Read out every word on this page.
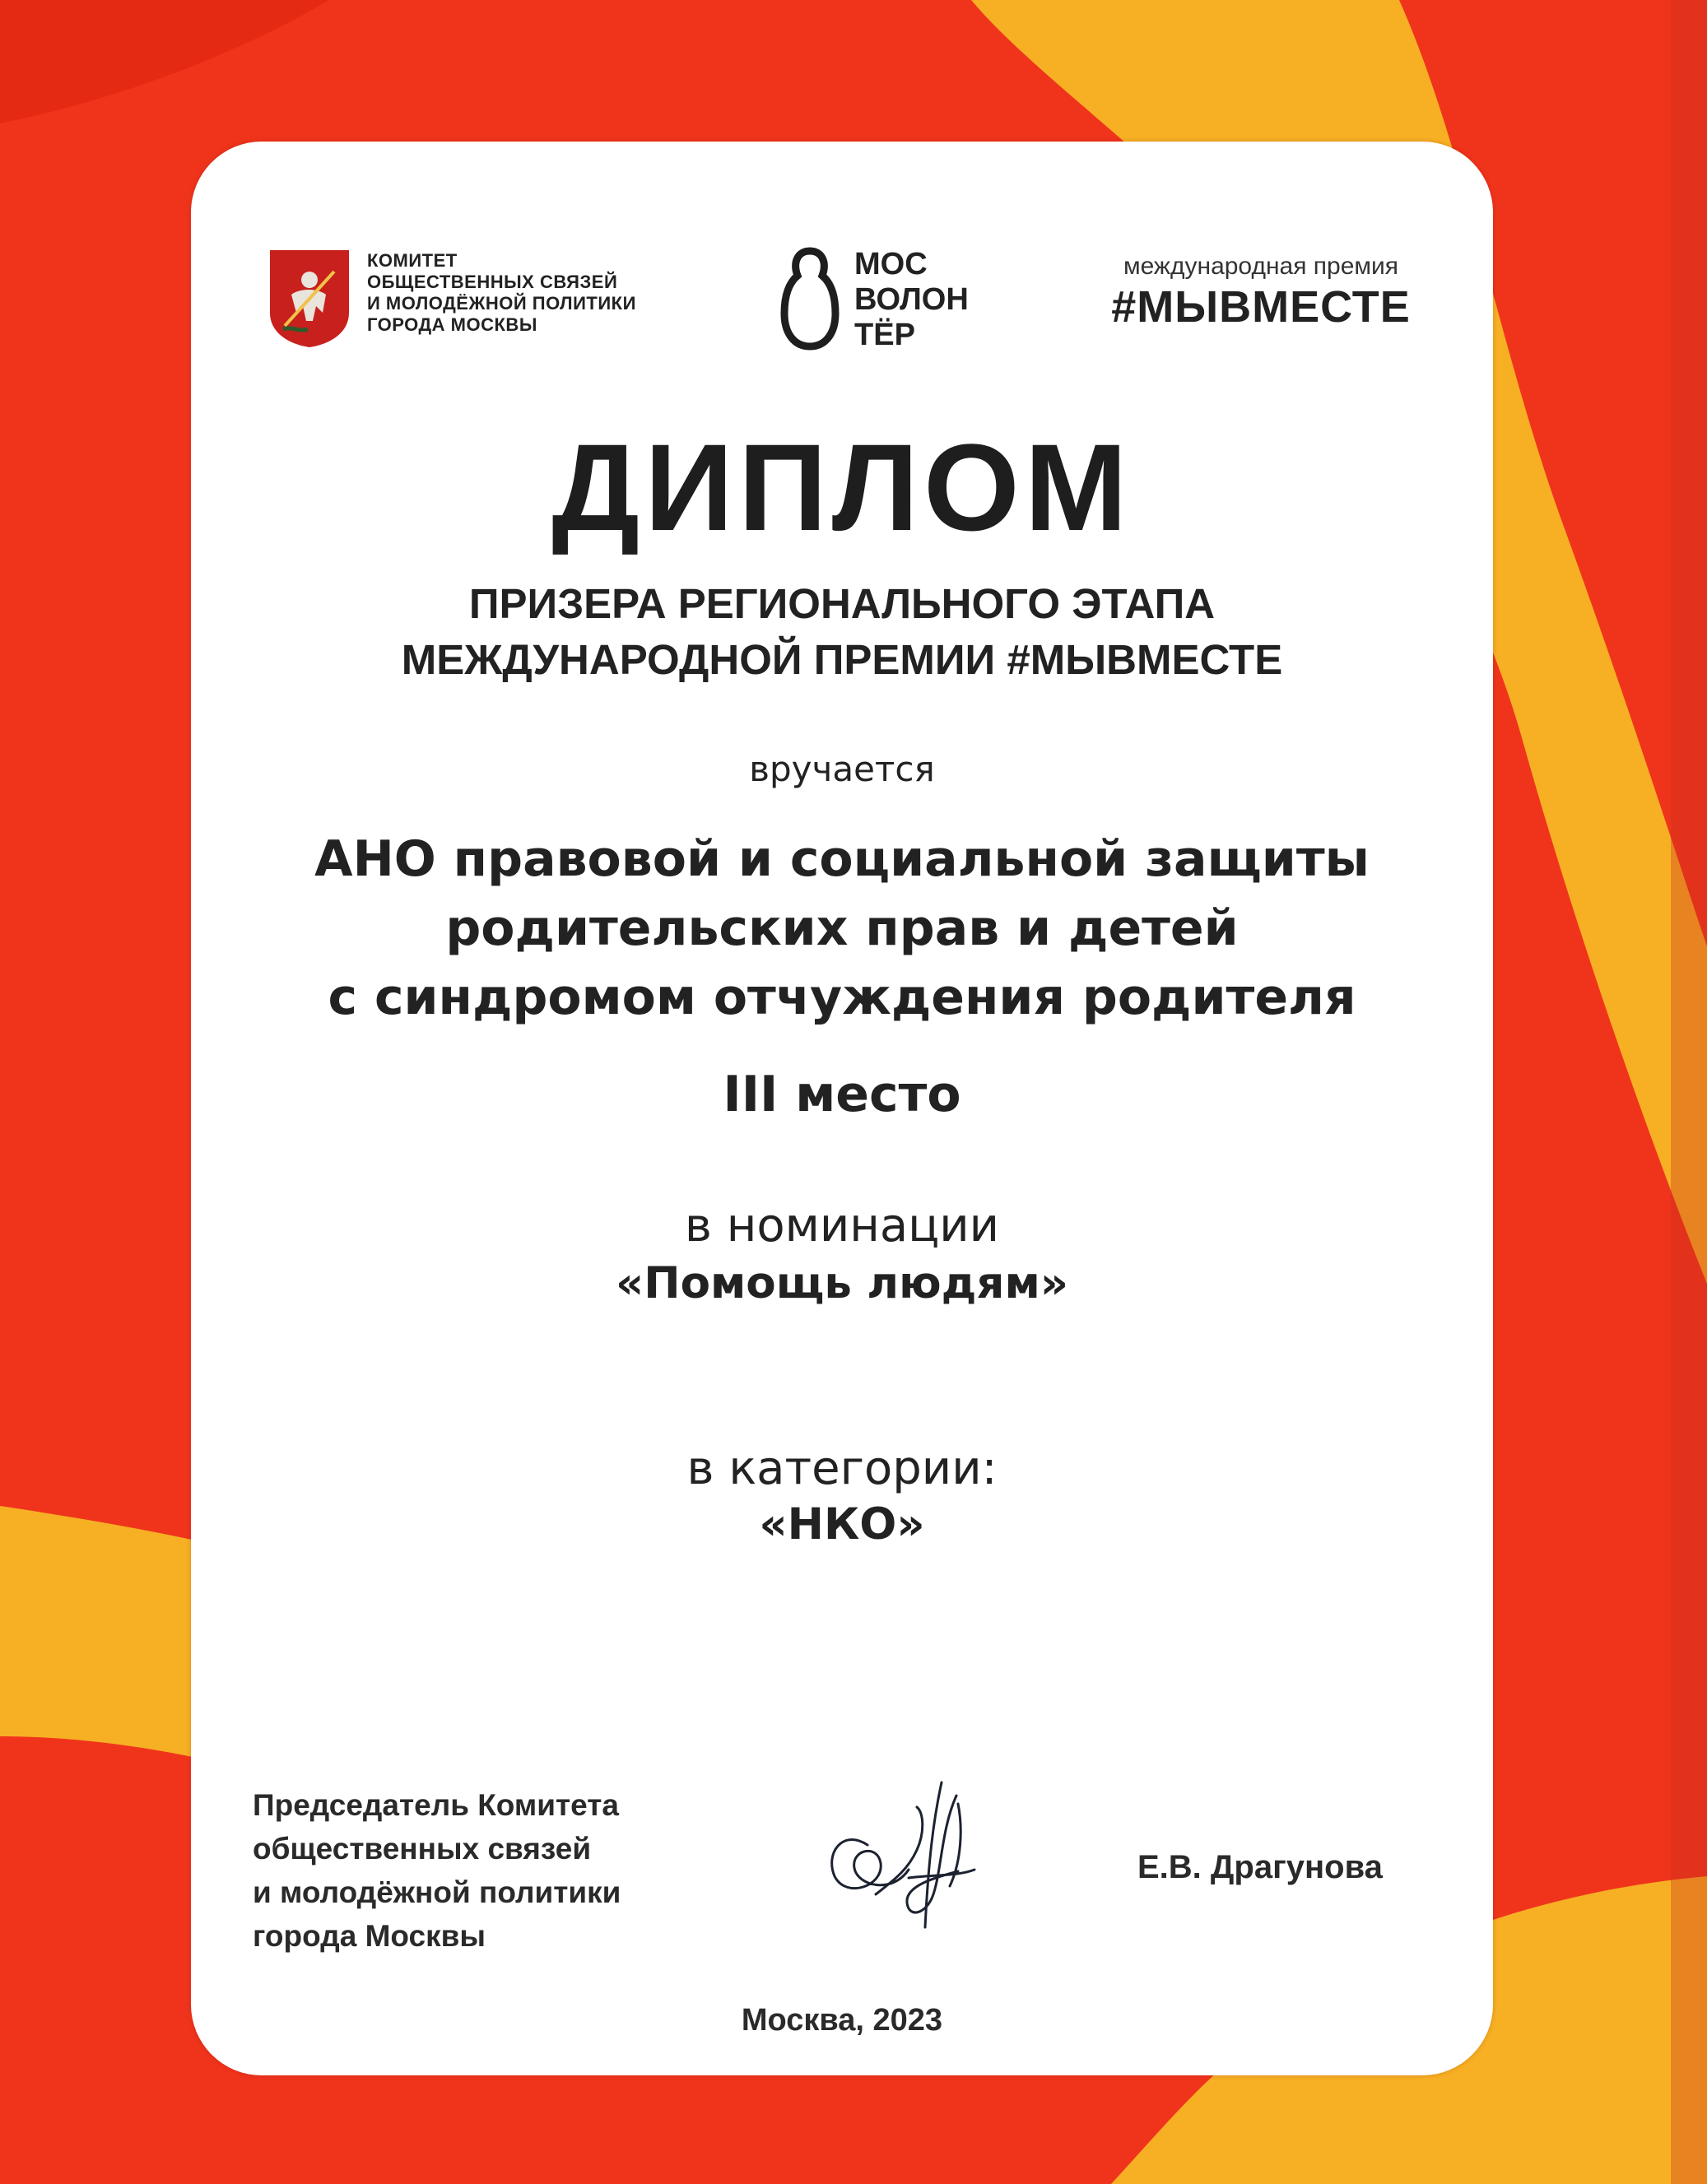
КОМИТЕТ
ОБЩЕСТВЕННЫХ СВЯЗЕЙ
И МОЛОДЁЖНОЙ ПОЛИТИКИ
ГОРОДА МОСКВЫ
МОС
ВОЛОН
ТЁР
международная премия
#МЫВМЕСТЕ
ДИПЛОМ
ПРИЗЕРА РЕГИОНАЛЬНОГО ЭТАПА
МЕЖДУНАРОДНОЙ ПРЕМИИ #МЫВМЕСТЕ
вручается
АНО правовой и социальной защиты
родительских прав и детей
с синдромом отчуждения родителя
III место
в номинации
«Помощь людям»
в категории:
«НКО»
Председатель Комитета
общественных связей
и молодёжной политики
города Москвы
Е.В. Драгунова
Москва, 2023
